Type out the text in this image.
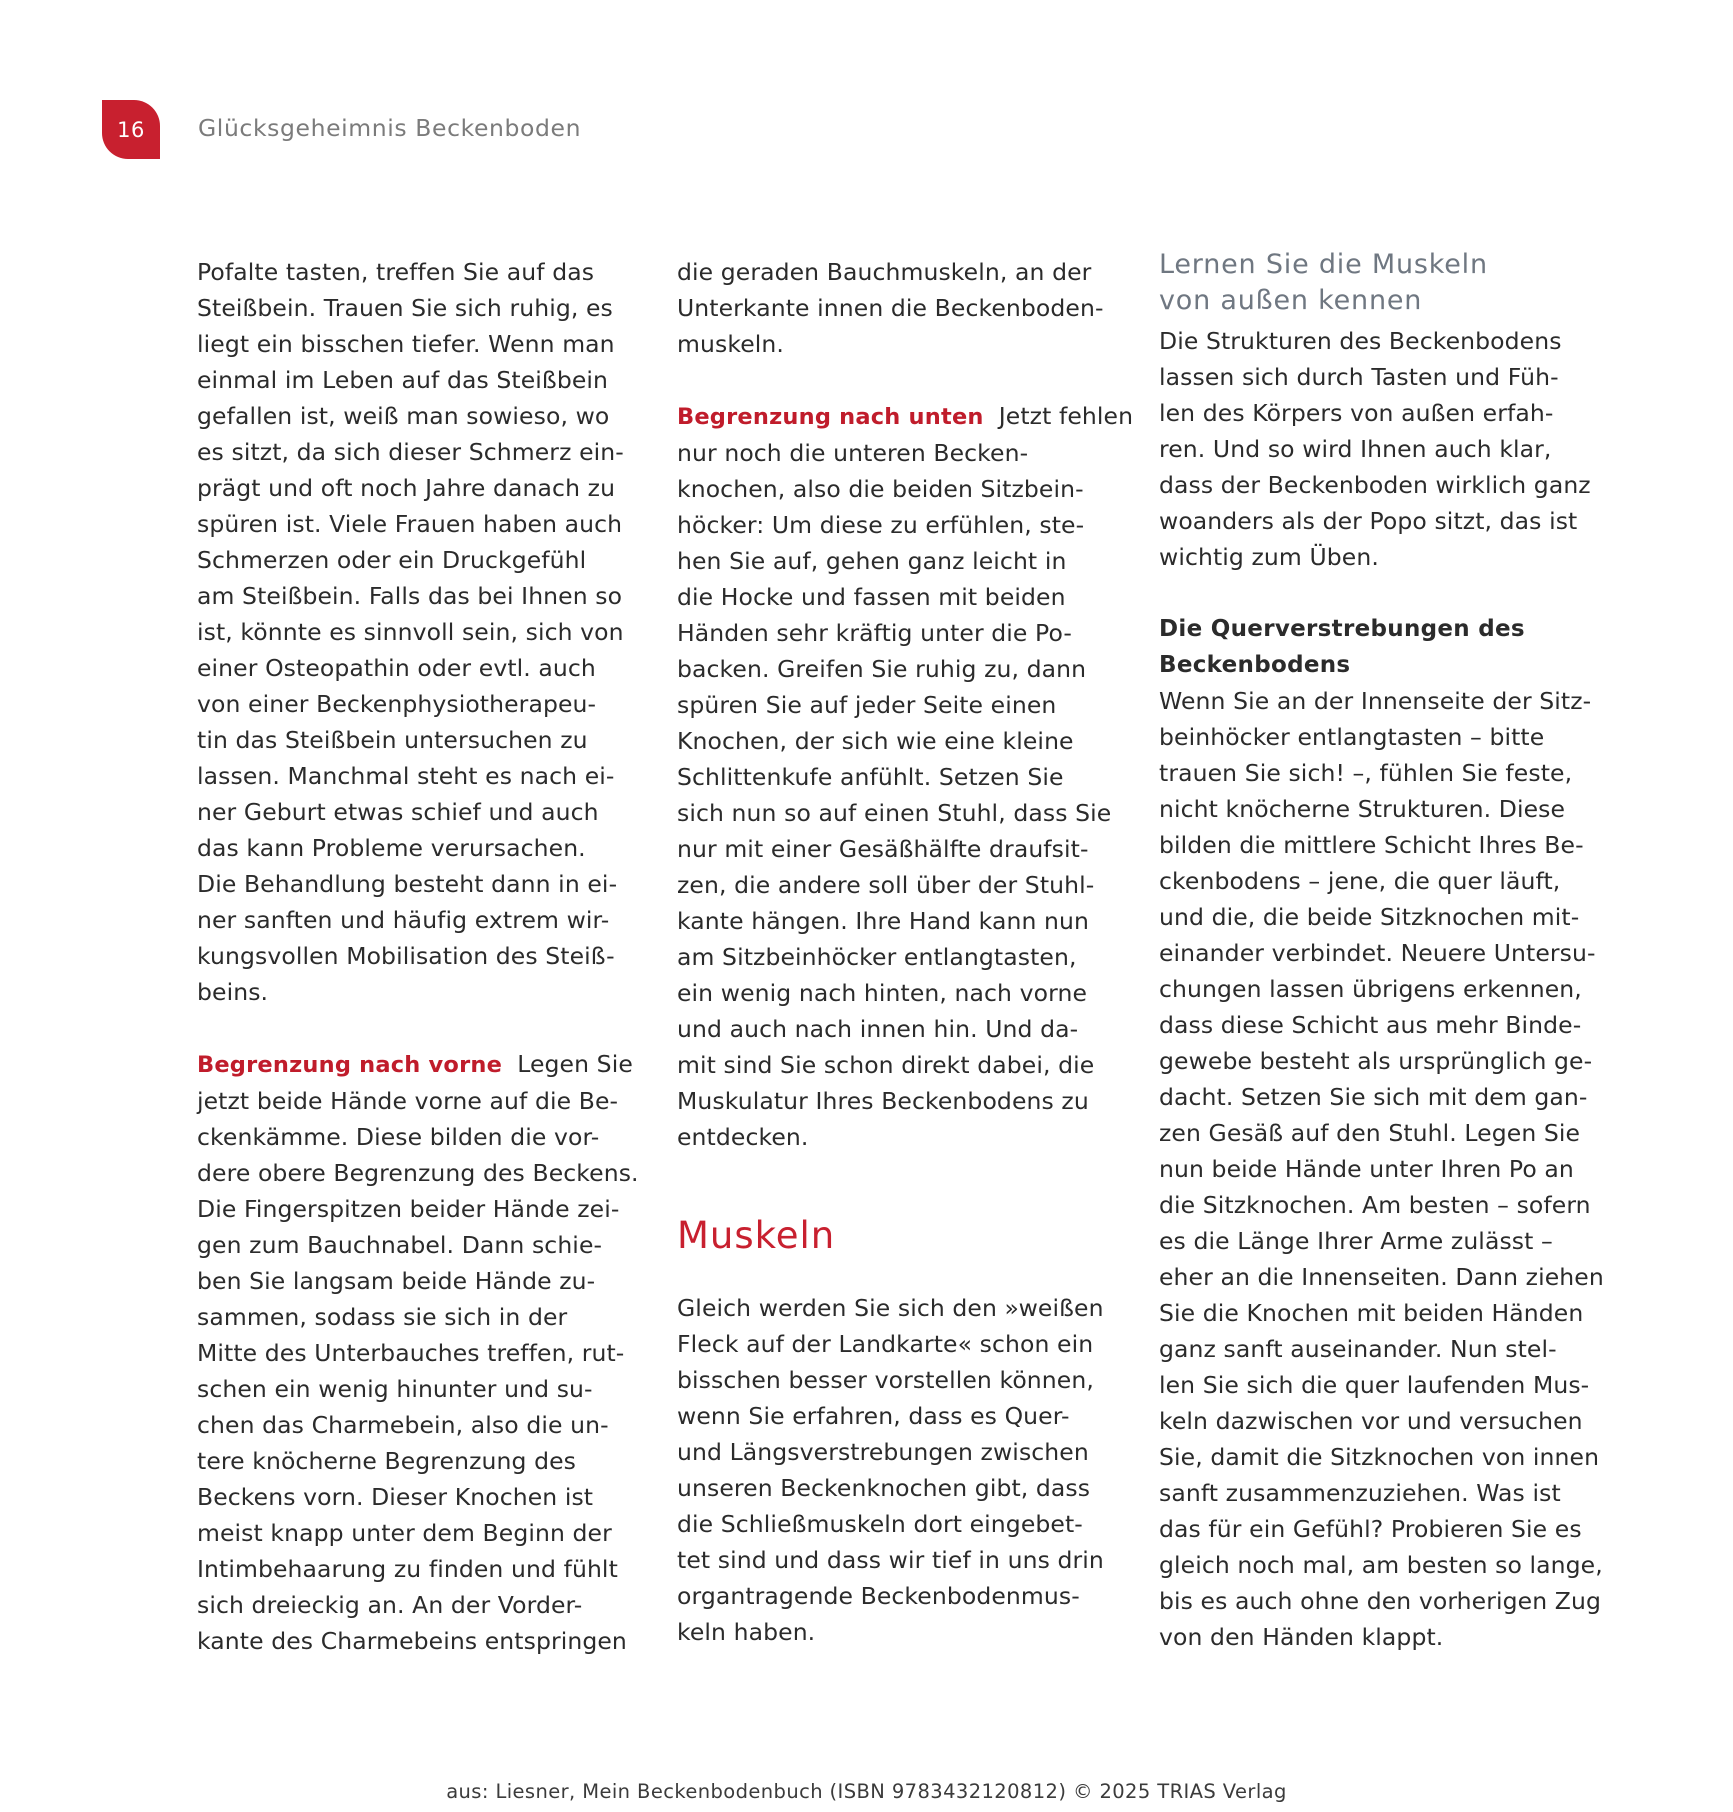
16 Glücksgeheimnis Beckenboden

Pofalte tasten, treffen Sie auf das
Steißbein. Trauen Sie sich ruhig, es
liegt ein bisschen tiefer. Wenn man
einmal im Leben auf das Steißbein
gefallen ist, weiß man sowieso, wo
es sitzt, da sich dieser Schmerz ein-
prägt und oft noch Jahre danach zu
spüren ist. Viele Frauen haben auch
Schmerzen oder ein Druckgefühl
am Steißbein. Falls das bei Ihnen so
ist, könnte es sinnvoll sein, sich von
einer Osteopathin oder evtl. auch
von einer Beckenphysiotherapeu-
tin das Steißbein untersuchen zu
lassen. Manchmal steht es nach ei-
ner Geburt etwas schief und auch
das kann Probleme verursachen.
Die Behandlung besteht dann in ei-
ner sanften und häufig extrem wir-
kungsvollen Mobilisation des Steiß-
beins.

Begrenzung nach vorne  Legen Sie
jetzt beide Hände vorne auf die Be-
ckenkämme. Diese bilden die vor-
dere obere Begrenzung des Beckens.
Die Fingerspitzen beider Hände zei-
gen zum Bauchnabel. Dann schie-
ben Sie langsam beide Hände zu-
sammen, sodass sie sich in der
Mitte des Unterbauches treffen, rut-
schen ein wenig hinunter und su-
chen das Charmebein, also die un-
tere knöcherne Begrenzung des
Beckens vorn. Dieser Knochen ist
meist knapp unter dem Beginn der
Intimbehaarung zu finden und fühlt
sich dreieckig an. An der Vorder-
kante des Charmebeins entspringen

die geraden Bauchmuskeln, an der
Unterkante innen die Beckenboden-
muskeln.

Begrenzung nach unten  Jetzt fehlen
nur noch die unteren Becken-
knochen, also die beiden Sitzbein-
höcker: Um diese zu erfühlen, ste-
hen Sie auf, gehen ganz leicht in
die Hocke und fassen mit beiden
Händen sehr kräftig unter die Po-
backen. Greifen Sie ruhig zu, dann
spüren Sie auf jeder Seite einen
Knochen, der sich wie eine kleine
Schlittenkufe anfühlt. Setzen Sie
sich nun so auf einen Stuhl, dass Sie
nur mit einer Gesäßhälfte draufsit-
zen, die andere soll über der Stuhl-
kante hängen. Ihre Hand kann nun
am Sitzbeinhöcker entlangtasten,
ein wenig nach hinten, nach vorne
und auch nach innen hin. Und da-
mit sind Sie schon direkt dabei, die
Muskulatur Ihres Beckenbodens zu
entdecken.

Muskeln

Gleich werden Sie sich den »weißen
Fleck auf der Landkarte« schon ein
bisschen besser vorstellen können,
wenn Sie erfahren, dass es Quer-
und Längsverstrebungen zwischen
unseren Beckenknochen gibt, dass
die Schließmuskeln dort eingebet-
tet sind und dass wir tief in uns drin
organtragende Beckenbodenmus-
keln haben.

Lernen Sie die Muskeln
von außen kennen

Die Strukturen des Beckenbodens
lassen sich durch Tasten und Füh-
len des Körpers von außen erfah-
ren. Und so wird Ihnen auch klar,
dass der Beckenboden wirklich ganz
woanders als der Popo sitzt, das ist
wichtig zum Üben.

Die Querverstrebungen des
Beckenbodens

Wenn Sie an der Innenseite der Sitz-
beinhöcker entlangtasten – bitte
trauen Sie sich! –, fühlen Sie feste,
nicht knöcherne Strukturen. Diese
bilden die mittlere Schicht Ihres Be-
ckenbodens – jene, die quer läuft,
und die, die beide Sitzknochen mit-
einander verbindet. Neuere Untersu-
chungen lassen übrigens erkennen,
dass diese Schicht aus mehr Binde-
gewebe besteht als ursprünglich ge-
dacht. Setzen Sie sich mit dem gan-
zen Gesäß auf den Stuhl. Legen Sie
nun beide Hände unter Ihren Po an
die Sitzknochen. Am besten – sofern
es die Länge Ihrer Arme zulässt –
eher an die Innenseiten. Dann ziehen
Sie die Knochen mit beiden Händen
ganz sanft auseinander. Nun stel-
len Sie sich die quer laufenden Mus-
keln dazwischen vor und versuchen
Sie, damit die Sitzknochen von innen
sanft zusammenzuziehen. Was ist
das für ein Gefühl? Probieren Sie es
gleich noch mal, am besten so lange,
bis es auch ohne den vorherigen Zug
von den Händen klappt.

aus: Liesner, Mein Beckenbodenbuch (ISBN 9783432120812) © 2025 TRIAS Verlag
